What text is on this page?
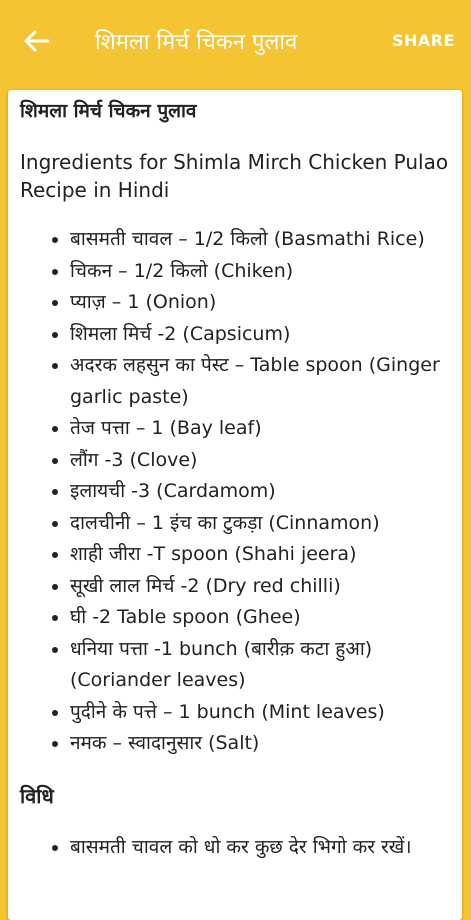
शिमला मिर्च चिकन पुलाव	SHARE
शिमला मिर्च चिकन पुलाव
Ingredients for Shimla Mirch Chicken Pulao Recipe in Hindi
• बासमती चावल – 1/2 किलो (Basmathi Rice)
• चिकन – 1/2 किलो (Chiken)
• प्याज़ – 1 (Onion)
• शिमला मिर्च -2 (Capsicum)
• अदरक लहसुन का पेस्ट – Table spoon (Ginger garlic paste)
• तेज पत्ता – 1 (Bay leaf)
• लौंग -3 (Clove)
• इलायची -3 (Cardamom)
• दालचीनी – 1 इंच का टुकड़ा (Cinnamon)
• शाही जीरा -T spoon (Shahi jeera)
• सूखी लाल मिर्च -2 (Dry red chilli)
• घी -2 Table spoon (Ghee)
• धनिया पत्ता -1 bunch (बारीक़ कटा हुआ) (Coriander leaves)
• पुदीने के पत्ते – 1 bunch (Mint leaves)
• नमक – स्वादानुसार (Salt)
विधि
• बासमती चावल को धो कर कुछ देर भिगो कर रखें।
